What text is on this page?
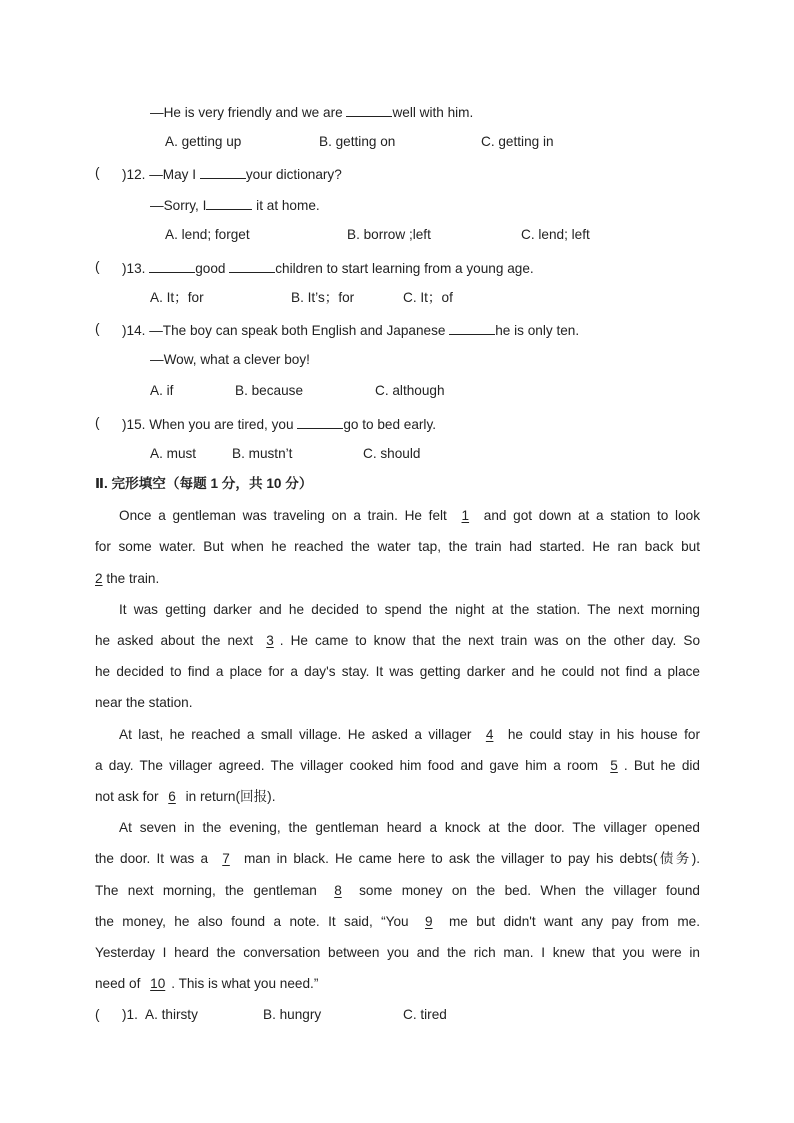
—He is very friendly and we are	well with him.
A. getting up	B. getting on	C. getting in
( )12. —May I	your dictionary?
—Sorry, I	it at home.
A. lend; forget	B. borrow ;left	C. lend; left
( )13.	good	children to start learning from a young age.
A. It；for	B. It’s；for	C. It；of
( )14. —The boy can speak both English and Japanese	he is only ten.
—Wow, what a clever boy!
A. if	B. because	C. although
( )15. When you are tired, you	go to bed early.
A. must	B. mustn’t	C. should
Ⅱ. 完形填空（每题 1 分，共 10 分）
Once a gentleman was traveling on a train. He felt 1 and got down at a station to look
for some water. But when he reached the water tap, the train had started. He ran back but
2 the train.
It was getting darker and he decided to spend the night at the station. The next morning
he asked about the next 3 . He came to know that the next train was on the other day. So
he decided to find a place for a day's stay. It was getting darker and he could not find a place
near the station.
At last, he reached a small village. He asked a villager 4 he could stay in his house for
a day. The villager agreed. The villager cooked him food and gave him a room 5 . But he did
not ask for 6 in return(回报).
At seven in the evening, the gentleman heard a knock at the door. The villager opened
the door. It was a 7 man in black. He came here to ask the villager to pay his debts(债务).
The next morning, the gentleman 8 some money on the bed. When the villager found
the money, he also found a note. It said, “You 9 me but didn't want any pay from me.
Yesterday I heard the conversation between you and the rich man. I knew that you were in
need of 10 . This is what you need.”
( )1. A. thirsty	B. hungry	C. tired
